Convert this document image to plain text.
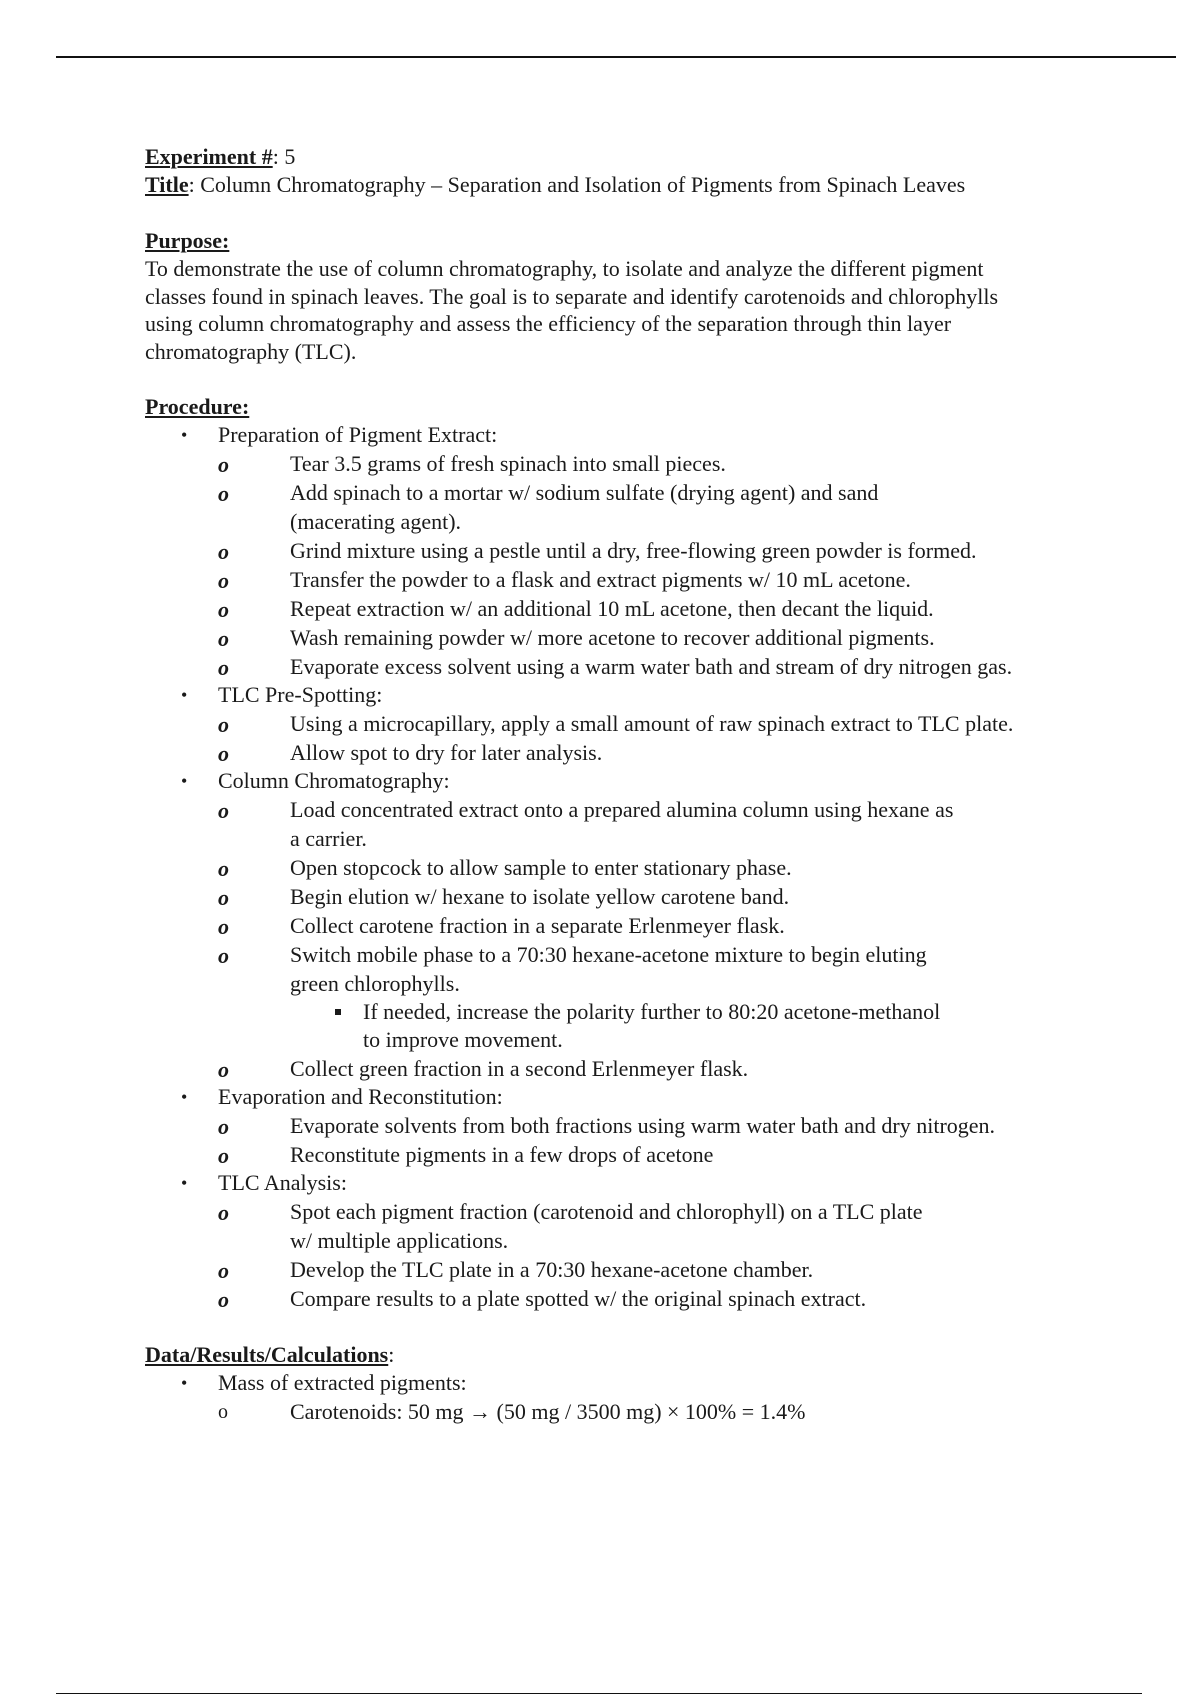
Experiment #: 5
Title: Column Chromatography – Separation and Isolation of Pigments from Spinach Leaves
Purpose:
To demonstrate the use of column chromatography, to isolate and analyze the different pigment
classes found in spinach leaves. The goal is to separate and identify carotenoids and chlorophylls
using column chromatography and assess the efficiency of the separation through thin layer
chromatography (TLC).
Procedure:
• Preparation of Pigment Extract:
o	Tear 3.5 grams of fresh spinach into small pieces.
o	Add spinach to a mortar w/ sodium sulfate (drying agent) and sand
(macerating agent).
o	Grind mixture using a pestle until a dry, free-flowing green powder is formed.
o	Transfer the powder to a flask and extract pigments w/ 10 mL acetone.
o	Repeat extraction w/ an additional 10 mL acetone, then decant the liquid.
o	Wash remaining powder w/ more acetone to recover additional pigments.
o	Evaporate excess solvent using a warm water bath and stream of dry nitrogen gas.
• TLC Pre-Spotting:
o	Using a microcapillary, apply a small amount of raw spinach extract to TLC plate.
o	Allow spot to dry for later analysis.
• Column Chromatography:
o	Load concentrated extract onto a prepared alumina column using hexane as
a carrier.
o	Open stopcock to allow sample to enter stationary phase.
o	Begin elution w/ hexane to isolate yellow carotene band.
o	Collect carotene fraction in a separate Erlenmeyer flask.
o	Switch mobile phase to a 70:30 hexane-acetone mixture to begin eluting
green chlorophylls.
If needed, increase the polarity further to 80:20 acetone-methanol
to improve movement.
o	Collect green fraction in a second Erlenmeyer flask.
• Evaporation and Reconstitution:
o	Evaporate solvents from both fractions using warm water bath and dry nitrogen.
o	Reconstitute pigments in a few drops of acetone
• TLC Analysis:
o	Spot each pigment fraction (carotenoid and chlorophyll) on a TLC plate
w/ multiple applications.
o	Develop the TLC plate in a 70:30 hexane-acetone chamber.
o	Compare results to a plate spotted w/ the original spinach extract.
Data/Results/Calculations:
• Mass of extracted pigments:
o	Carotenoids: 50 mg → (50 mg / 3500 mg) × 100% = 1.4%
